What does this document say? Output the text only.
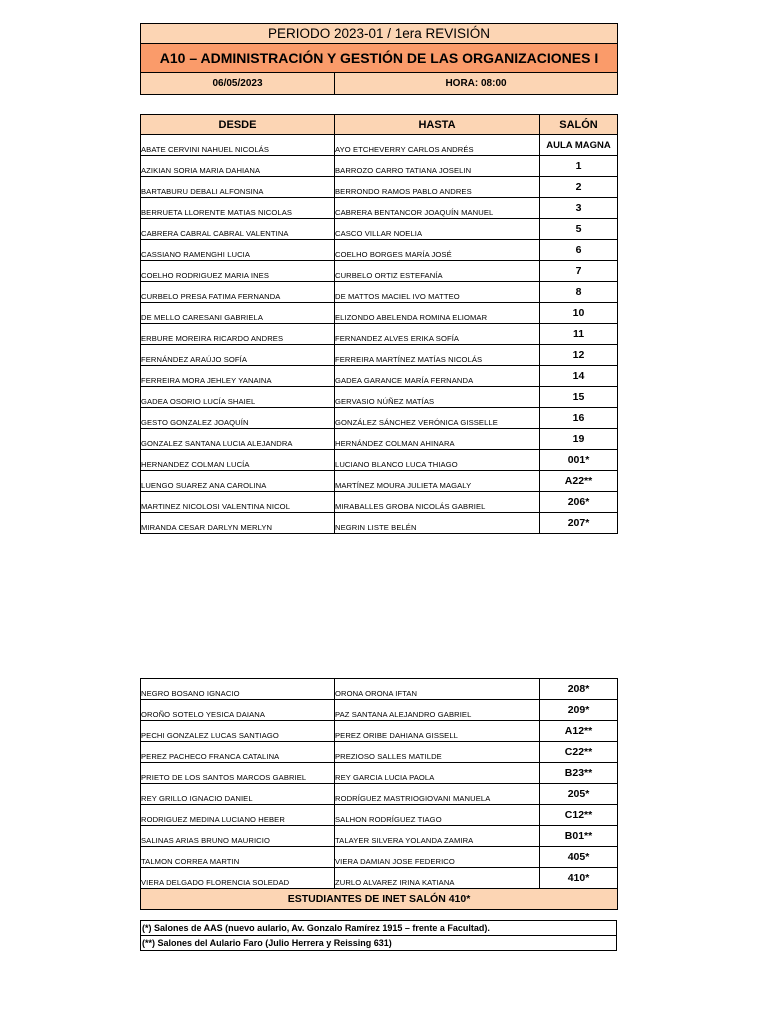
PERIODO 2023-01 / 1era REVISIÓN
A10 – ADMINISTRACIÓN Y GESTIÓN DE LAS ORGANIZACIONES I
06/05/2023	HORA: 08:00
DESDE	HASTA	SALÓN
ABATE CERVINI NAHUEL NICOLÁS	AYO ETCHEVERRY CARLOS ANDRÉS	AULA MAGNA
AZIKIAN SORIA MARIA DAHIANA	BARROZO CARRO TATIANA JOSELIN	1
BARTABURU DEBALI ALFONSINA	BERRONDO RAMOS PABLO ANDRES	2
BERRUETA LLORENTE MATIAS NICOLAS	CABRERA BENTANCOR JOAQUÍN MANUEL	3
CABRERA CABRAL CABRAL VALENTINA	CASCO VILLAR NOELIA	5
CASSIANO RAMENGHI LUCIA	COELHO BORGES MARÍA JOSÉ	6
COELHO RODRIGUEZ MARIA INES	CURBELO ORTIZ ESTEFANÍA	7
CURBELO PRESA FATIMA FERNANDA	DE MATTOS MACIEL IVO MATTEO	8
DE MELLO CARESANI GABRIELA	ELIZONDO ABELENDA ROMINA ELIOMAR	10
ERBURE MOREIRA RICARDO ANDRES	FERNANDEZ ALVES ERIKA SOFÍA	11
FERNÁNDEZ ARAÚJO SOFÍA	FERREIRA MARTÍNEZ MATÍAS NICOLÁS	12
FERREIRA MORA JEHLEY YANAINA	GADEA GARANCE MARÍA FERNANDA	14
GADEA OSORIO LUCÍA SHAIEL	GERVASIO NÚÑEZ MATÍAS	15
GESTO GONZALEZ JOAQUÍN	GONZÁLEZ SÁNCHEZ VERÓNICA GISSELLE	16
GONZALEZ SANTANA LUCIA ALEJANDRA	HERNÁNDEZ COLMAN AHINARA	19
HERNANDEZ COLMAN LUCÍA	LUCIANO BLANCO LUCA THIAGO	001*
LUENGO SUAREZ ANA CAROLINA	MARTÍNEZ MOURA JULIETA MAGALY	A22**
MARTINEZ NICOLOSI VALENTINA NICOL	MIRABALLES GROBA NICOLÁS GABRIEL	206*
MIRANDA CESAR DARLYN MERLYN	NEGRIN LISTE BELÉN	207*
NEGRO BOSANO IGNACIO	ORONA ORONA IFTAN	208*
OROÑO SOTELO YESICA DAIANA	PAZ SANTANA ALEJANDRO GABRIEL	209*
PECHI GONZALEZ LUCAS SANTIAGO	PEREZ ORIBE DAHIANA GISSELL	A12**
PEREZ PACHECO FRANCA CATALINA	PREZIOSO SALLES MATILDE	C22**
PRIETO DE LOS SANTOS MARCOS GABRIEL	REY GARCIA LUCIA PAOLA	B23**
REY GRILLO IGNACIO DANIEL	RODRÍGUEZ MASTRIOGIOVANI MANUELA	205*
RODRIGUEZ MEDINA LUCIANO HEBER	SALHON RODRÍGUEZ TIAGO	C12**
SALINAS ARIAS BRUNO MAURICIO	TALAYER SILVERA YOLANDA ZAMIRA	B01**
TALMON CORREA MARTIN	VIERA DAMIAN JOSE FEDERICO	405*
VIERA DELGADO FLORENCIA SOLEDAD	ZURLO ALVAREZ IRINA KATIANA	410*
ESTUDIANTES DE INET SALÓN 410*		
(*) Salones de AAS (nuevo aulario, Av. Gonzalo Ramírez 1915 – frente a Facultad).
(**) Salones del Aulario Faro (Julio Herrera y Reissing 631)
